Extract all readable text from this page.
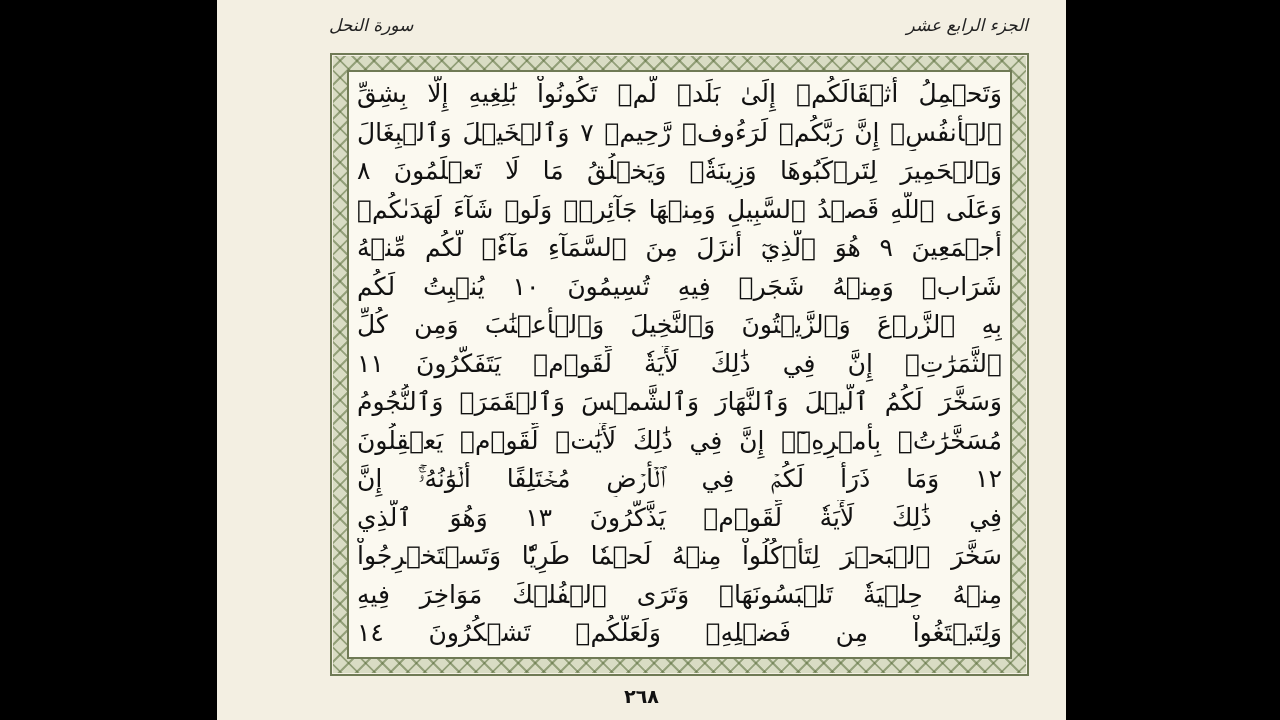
الجزء الرابع عشر
سورة النحل
وَتَحۡمِلُ أَثۡقَالَكُمۡ إِلَىٰ بَلَدٖ لَّمۡ تَكُونُواْ بَٰلِغِيهِ إِلَّا بِشِقِّ
ٱلۡأَنفُسِۚ إِنَّ رَبَّكُمۡ لَرَءُوفٞ رَّحِيمٞ ٧ وَٱلۡخَيۡلَ وَٱلۡبِغَالَ
وَٱلۡحَمِيرَ لِتَرۡكَبُوهَا وَزِينَةٗۚ وَيَخۡلُقُ مَا لَا تَعۡلَمُونَ ٨
وَعَلَى ٱللَّهِ قَصۡدُ ٱلسَّبِيلِ وَمِنۡهَا جَآئِرٞۚ وَلَوۡ شَآءَ لَهَدَىٰكُمۡ
أَجۡمَعِينَ ٩ هُوَ ٱلَّذِيٓ أَنزَلَ مِنَ ٱلسَّمَآءِ مَآءٗۖ لَّكُم مِّنۡهُ
شَرَابٞ وَمِنۡهُ شَجَرٞ فِيهِ تُسِيمُونَ ١٠ يُنۢبِتُ لَكُم
بِهِ ٱلزَّرۡعَ وَٱلزَّيۡتُونَ وَٱلنَّخِيلَ وَٱلۡأَعۡنَٰبَ وَمِن كُلِّ
ٱلثَّمَرَٰتِۚ إِنَّ فِي ذَٰلِكَ لَأٓيَةٗ لِّقَوۡمٖ يَتَفَكَّرُونَ ١١
وَسَخَّرَ لَكُمُ ٱلَّيۡلَ وَٱلنَّهَارَ وَٱلشَّمۡسَ وَٱلۡقَمَرَۖ وَٱلنُّجُومُ
مُسَخَّرَٰتُۢ بِأَمۡرِهِۦٓۚ إِنَّ فِي ذَٰلِكَ لَأٓيَٰتٖ لِّقَوۡمٖ يَعۡقِلُونَ
١٢ وَمَا ذَرَأَ لَكُمۡ فِي ٱلۡأَرۡضِ مُخۡتَلِفًا أَلۡوَٰنُهُۥٓۚ إِنَّ
فِي ذَٰلِكَ لَأٓيَةٗ لِّقَوۡمٖ يَذَّكَّرُونَ ١٣ وَهُوَ ٱلَّذِي
سَخَّرَ ٱلۡبَحۡرَ لِتَأۡكُلُواْ مِنۡهُ لَحۡمٗا طَرِيّٗا وَتَسۡتَخۡرِجُواْ
مِنۡهُ حِلۡيَةٗ تَلۡبَسُونَهَاۖ وَتَرَى ٱلۡفُلۡكَ مَوَاخِرَ فِيهِ
وَلِتَبۡتَغُواْ مِن فَضۡلِهِۦ وَلَعَلَّكُمۡ تَشۡكُرُونَ ١٤
٢٦٨
